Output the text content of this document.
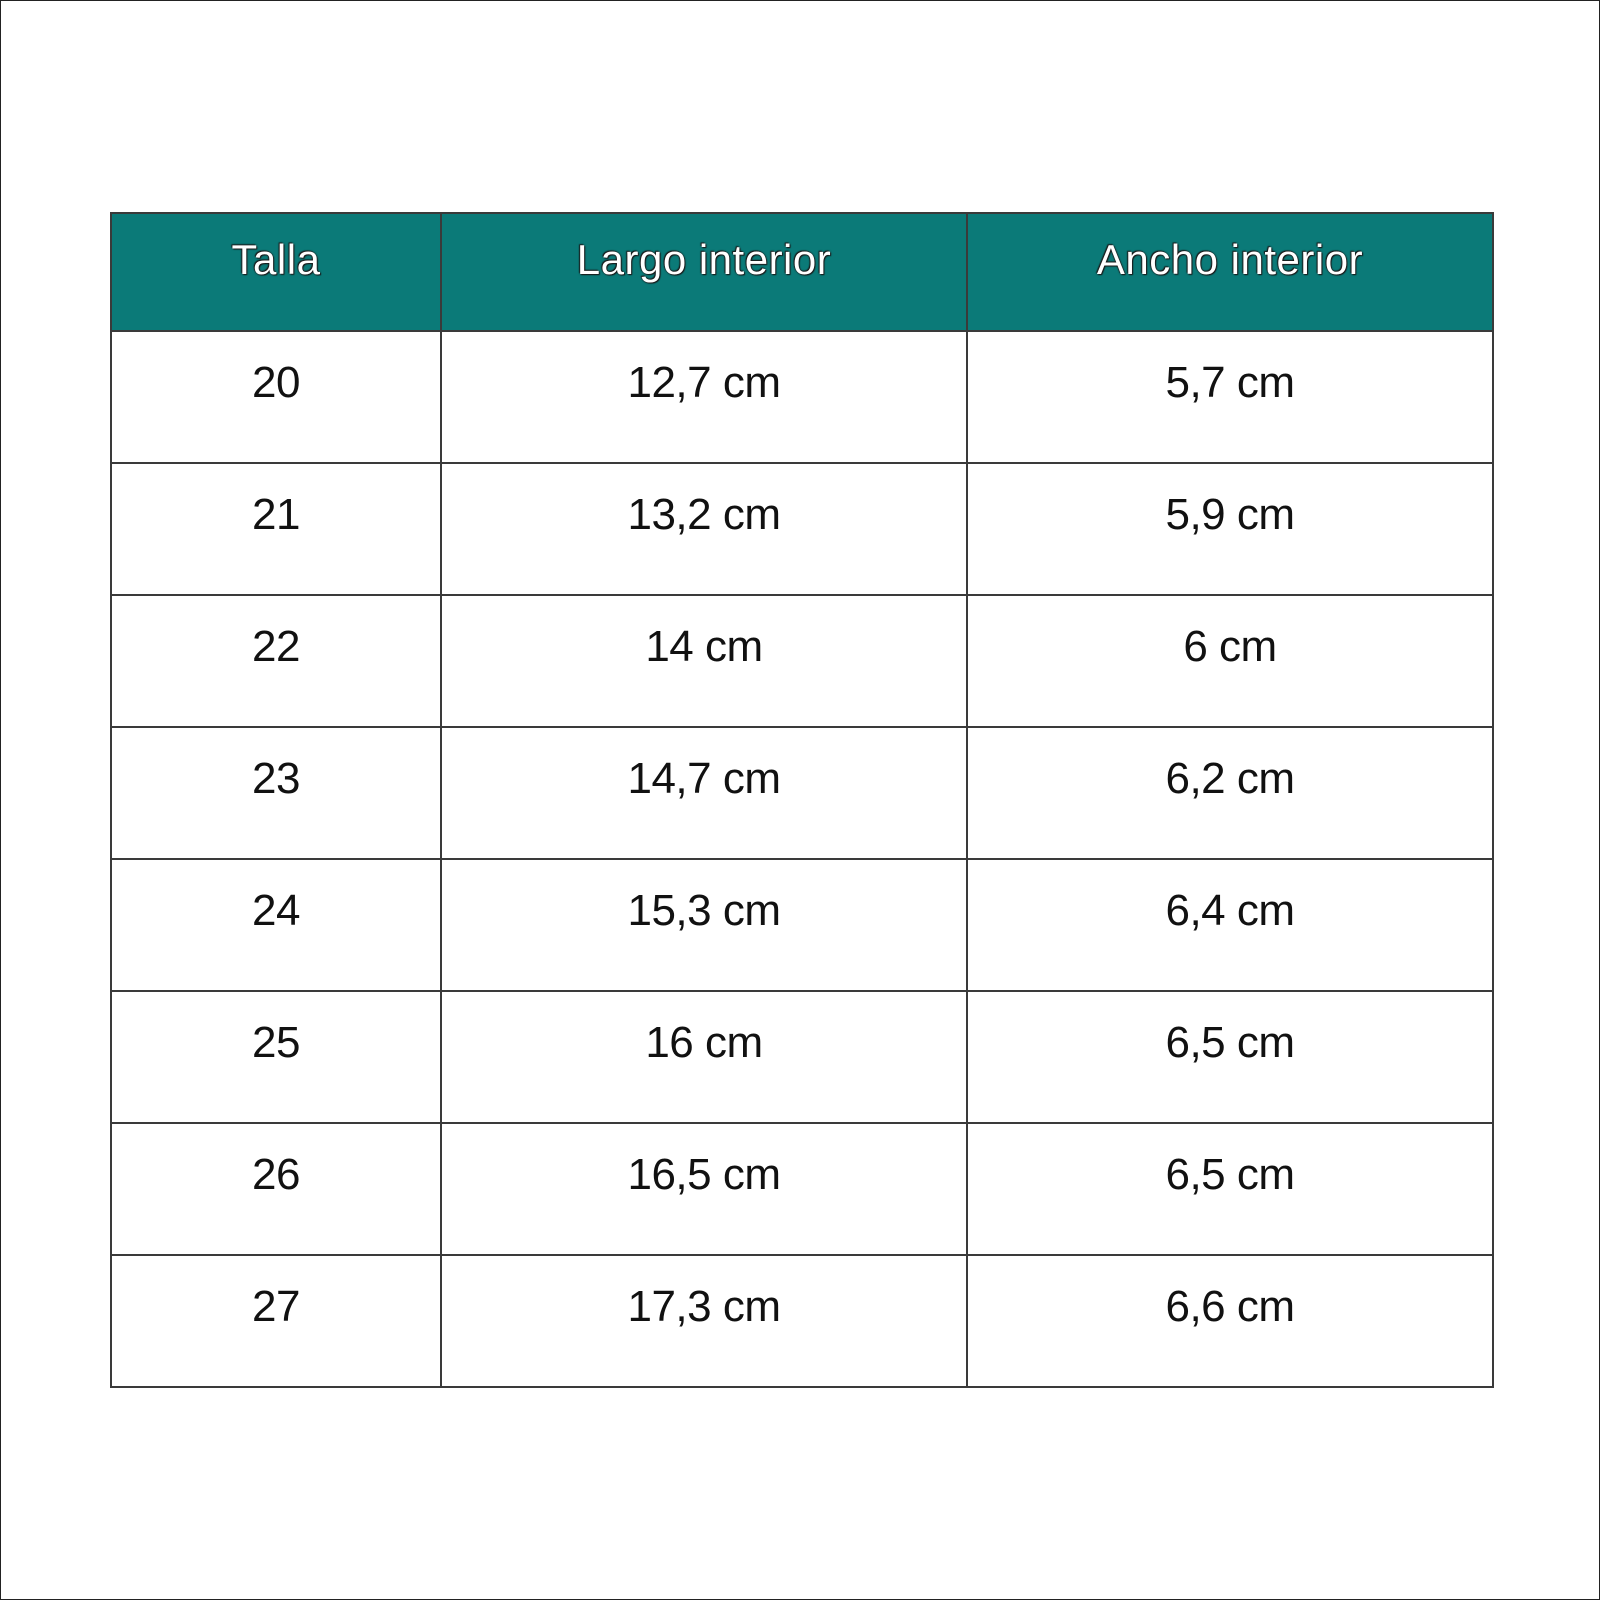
Talla	Largo interior	Ancho interior
20	12,7 cm	5,7 cm
21	13,2 cm	5,9 cm
22	14 cm	6 cm
23	14,7 cm	6,2 cm
24	15,3 cm	6,4 cm
25	16 cm	6,5 cm
26	16,5 cm	6,5 cm
27	17,3 cm	6,6 cm
